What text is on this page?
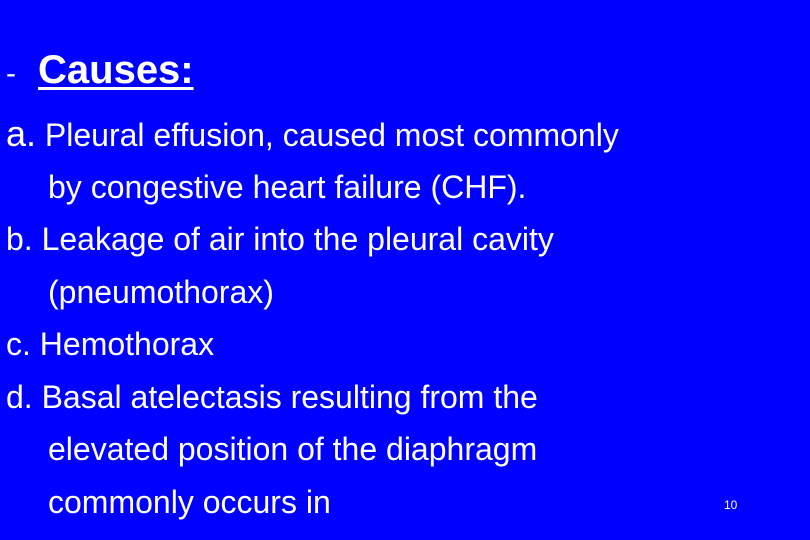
- Causes:
a. Pleural effusion, caused most commonly
by congestive heart failure (CHF).
b. Leakage of air into the pleural cavity
(pneumothorax)
c. Hemothorax
d. Basal atelectasis resulting from the
elevated position of the diaphragm
commonly occurs in	10
